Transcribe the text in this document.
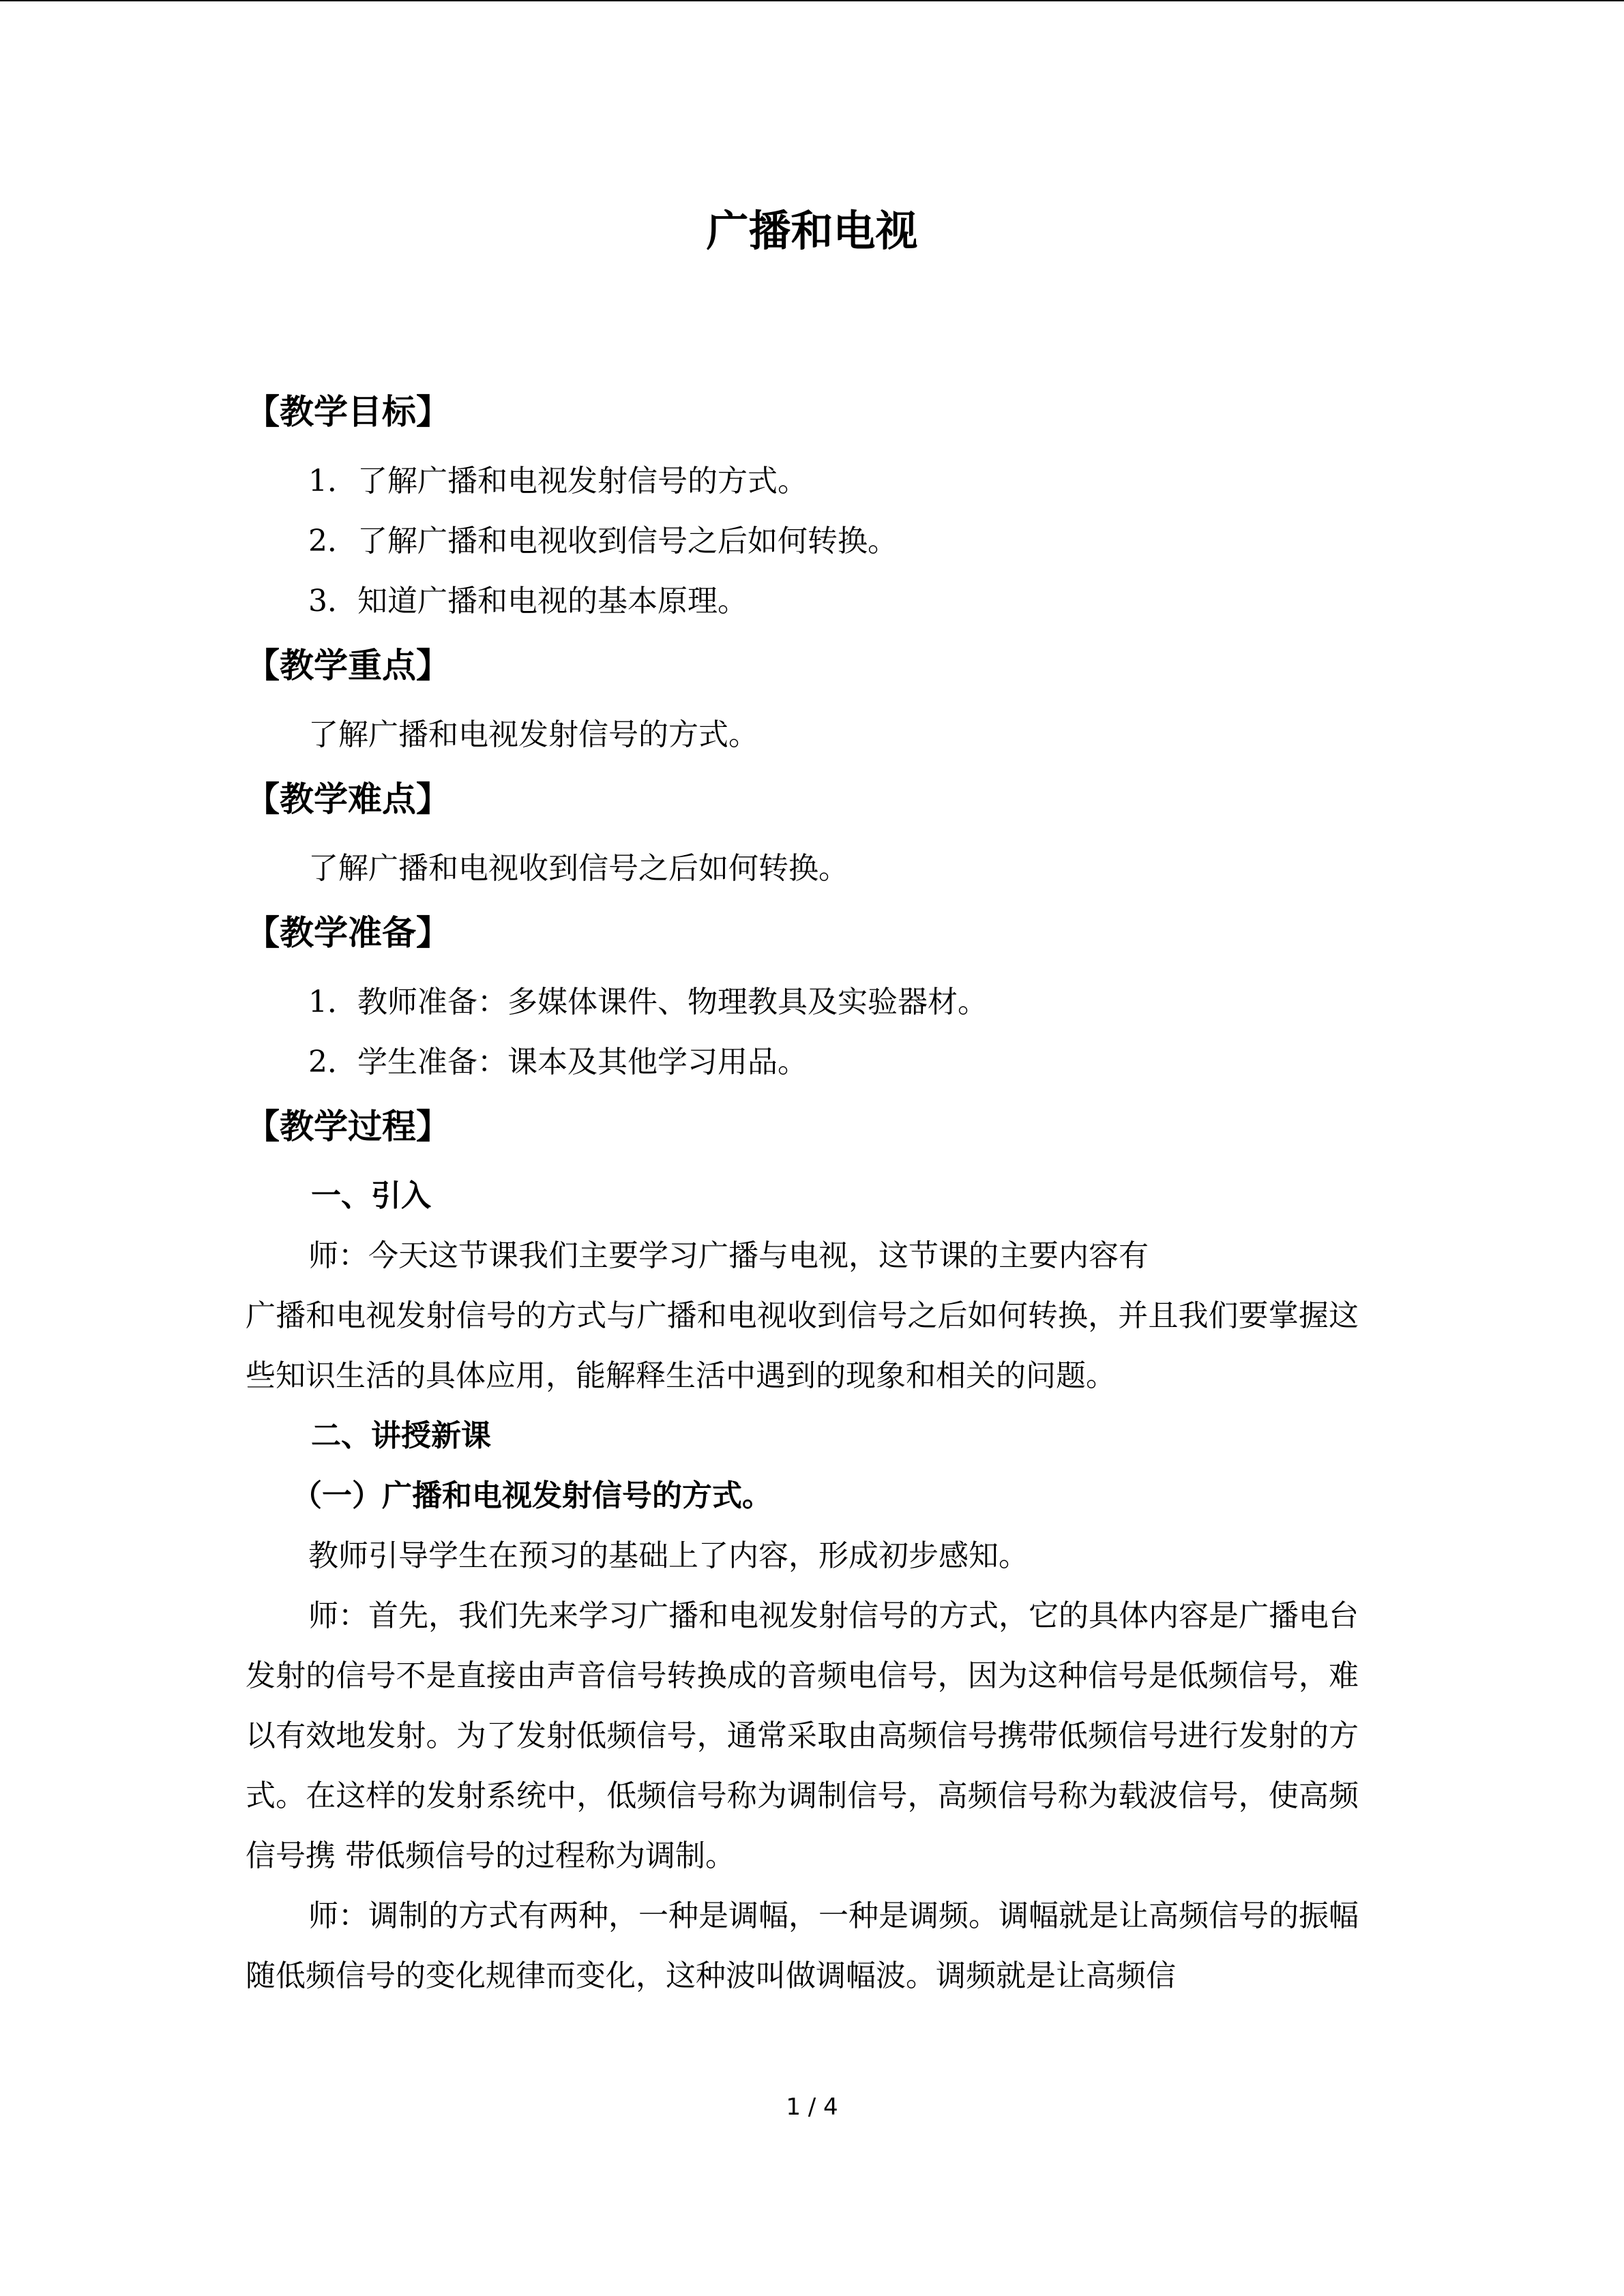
广播和电视
【教学目标】

1．了解广播和电视发射信号的方式。

2．了解广播和电视收到信号之后如何转换。

3．知道广播和电视的基本原理。

【教学重点】

了解广播和电视发射信号的方式。

【教学难点】

了解广播和电视收到信号之后如何转换。

【教学准备】

1．教师准备：多媒体课件、物理教具及实验器材。

2．学生准备：课本及其他学习用品。

【教学过程】

一、引入

师：今天这节课我们主要学习广播与电视，这节课的主要内容有

广播和电视发射信号的方式与广播和电视收到信号之后如何转换，并且我们要掌握这些知识生活的具体应用，能解释生活中遇到的现象和相关的问题。

二、讲授新课

（一）广播和电视发射信号的方式。

教师引导学生在预习的基础上了内容，形成初步感知。

师：首先，我们先来学习广播和电视发射信号的方式，它的具体内容是广播电台发射的信号不是直接由声音信号转换成的音频电信号，因为这种信号是低频信号，难以有效地发射。为了发射低频信号，通常采取由高频信号携带低频信号进行发射的方式。在这样的发射系统中，低频信号称为调制信号，高频信号称为载波信号，使高频信号携 带低频信号的过程称为调制。

师：调制的方式有两种，一种是调幅，一种是调频。调幅就是让高频信号的振幅随低频信号的变化规律而变化，这种波叫做调幅波。调频就是让高频信

1 / 4
